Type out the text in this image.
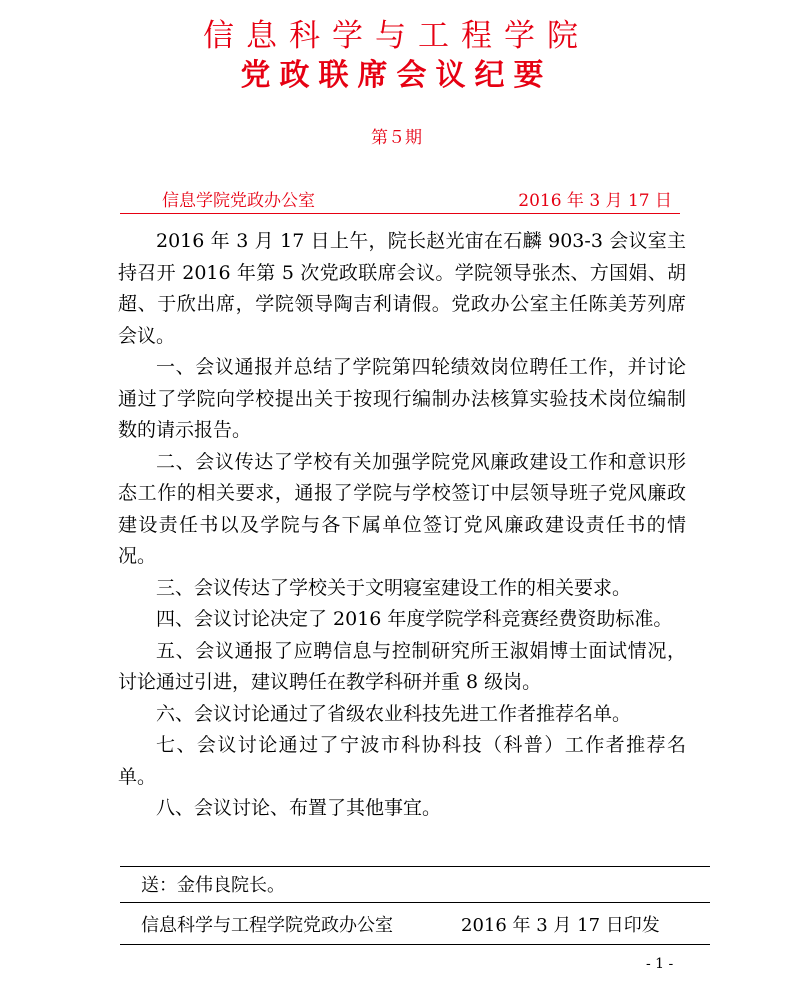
信息科学与工程学院
党政联席会议纪要
第５期
信息学院党政办公室	2016 年 3 月 17 日

2016 年 3 月 17 日上午，院长赵光宙在石麟 903-3 会议室主持召开 2016 年第 5 次党政联席会议。学院领导张杰、方国娟、胡超、于欣出席，学院领导陶吉利请假。党政办公室主任陈美芳列席会议。

一、会议通报并总结了学院第四轮绩效岗位聘任工作，并讨论通过了学院向学校提出关于按现行编制办法核算实验技术岗位编制数的请示报告。

二、会议传达了学校有关加强学院党风廉政建设工作和意识形态工作的相关要求，通报了学院与学校签订中层领导班子党风廉政建设责任书以及学院与各下属单位签订党风廉政建设责任书的情况。

三、会议传达了学校关于文明寝室建设工作的相关要求。

四、会议讨论决定了 2016 年度学院学科竞赛经费资助标准。

五、会议通报了应聘信息与控制研究所王淑娟博士面试情况，讨论通过引进，建议聘任在教学科研并重 8 级岗。

六、会议讨论通过了省级农业科技先进工作者推荐名单。

七、会议讨论通过了宁波市科协科技（科普）工作者推荐名单。

八、会议讨论、布置了其他事宜。

送：金伟良院长。
信息科学与工程学院党政办公室	2016 年 3 月 17 日印发
- 1 -
